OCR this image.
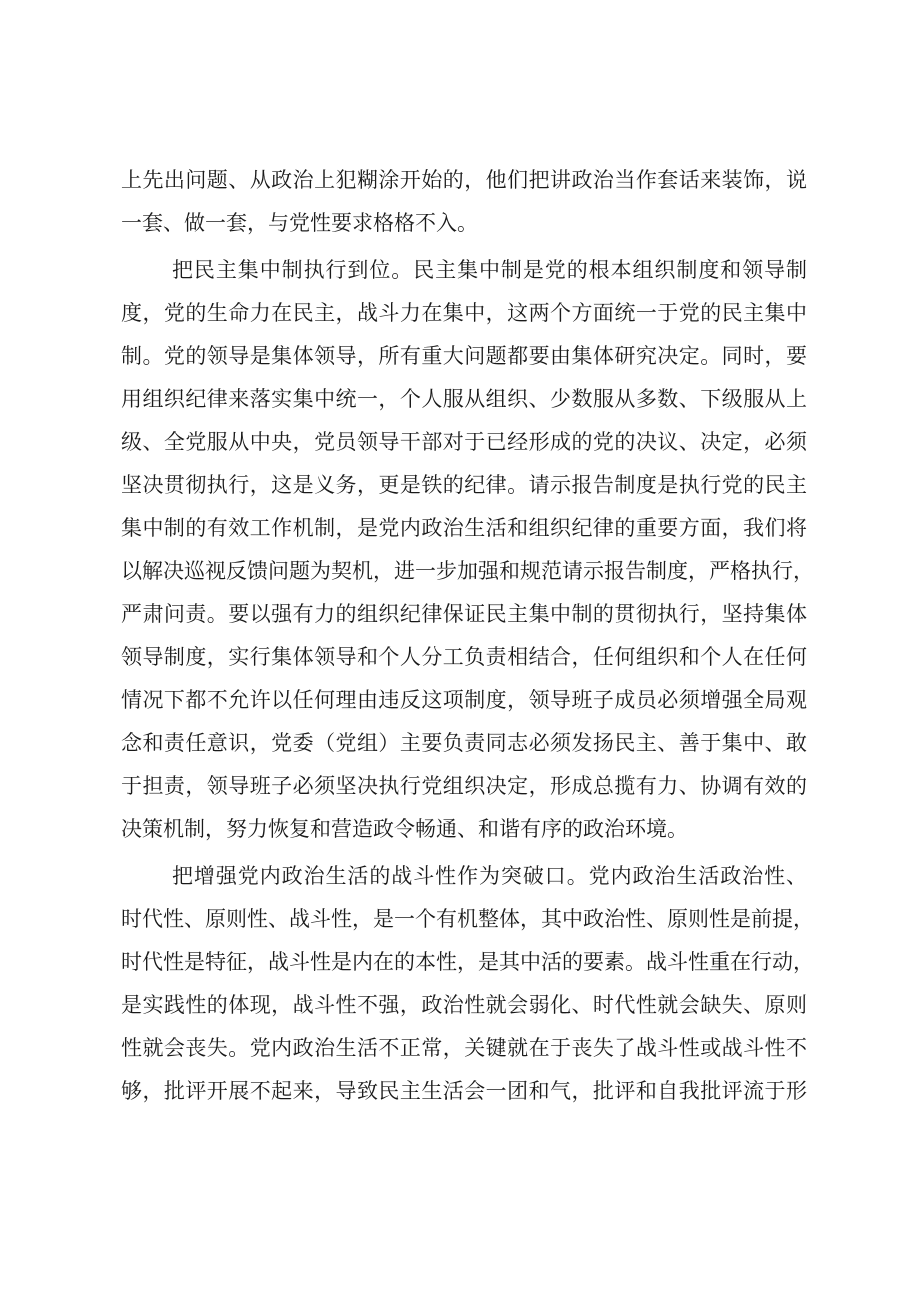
上先出问题、从政治上犯糊涂开始的，他们把讲政治当作套话来装饰，说
一套、做一套，与党性要求格格不入。
把民主集中制执行到位。民主集中制是党的根本组织制度和领导制
度，党的生命力在民主，战斗力在集中，这两个方面统一于党的民主集中
制。党的领导是集体领导，所有重大问题都要由集体研究决定。同时，要
用组织纪律来落实集中统一，个人服从组织、少数服从多数、下级服从上
级、全党服从中央，党员领导干部对于已经形成的党的决议、决定，必须
坚决贯彻执行，这是义务，更是铁的纪律。请示报告制度是执行党的民主
集中制的有效工作机制，是党内政治生活和组织纪律的重要方面，我们将
以解决巡视反馈问题为契机，进一步加强和规范请示报告制度，严格执行，
严肃问责。要以强有力的组织纪律保证民主集中制的贯彻执行，坚持集体
领导制度，实行集体领导和个人分工负责相结合，任何组织和个人在任何
情况下都不允许以任何理由违反这项制度，领导班子成员必须增强全局观
念和责任意识，党委（党组）主要负责同志必须发扬民主、善于集中、敢
于担责，领导班子必须坚决执行党组织决定，形成总揽有力、协调有效的
决策机制，努力恢复和营造政令畅通、和谐有序的政治环境。
把增强党内政治生活的战斗性作为突破口。党内政治生活政治性、
时代性、原则性、战斗性，是一个有机整体，其中政治性、原则性是前提，
时代性是特征，战斗性是内在的本性，是其中活的要素。战斗性重在行动，
是实践性的体现，战斗性不强，政治性就会弱化、时代性就会缺失、原则
性就会丧失。党内政治生活不正常，关键就在于丧失了战斗性或战斗性不
够，批评开展不起来，导致民主生活会一团和气，批评和自我批评流于形
